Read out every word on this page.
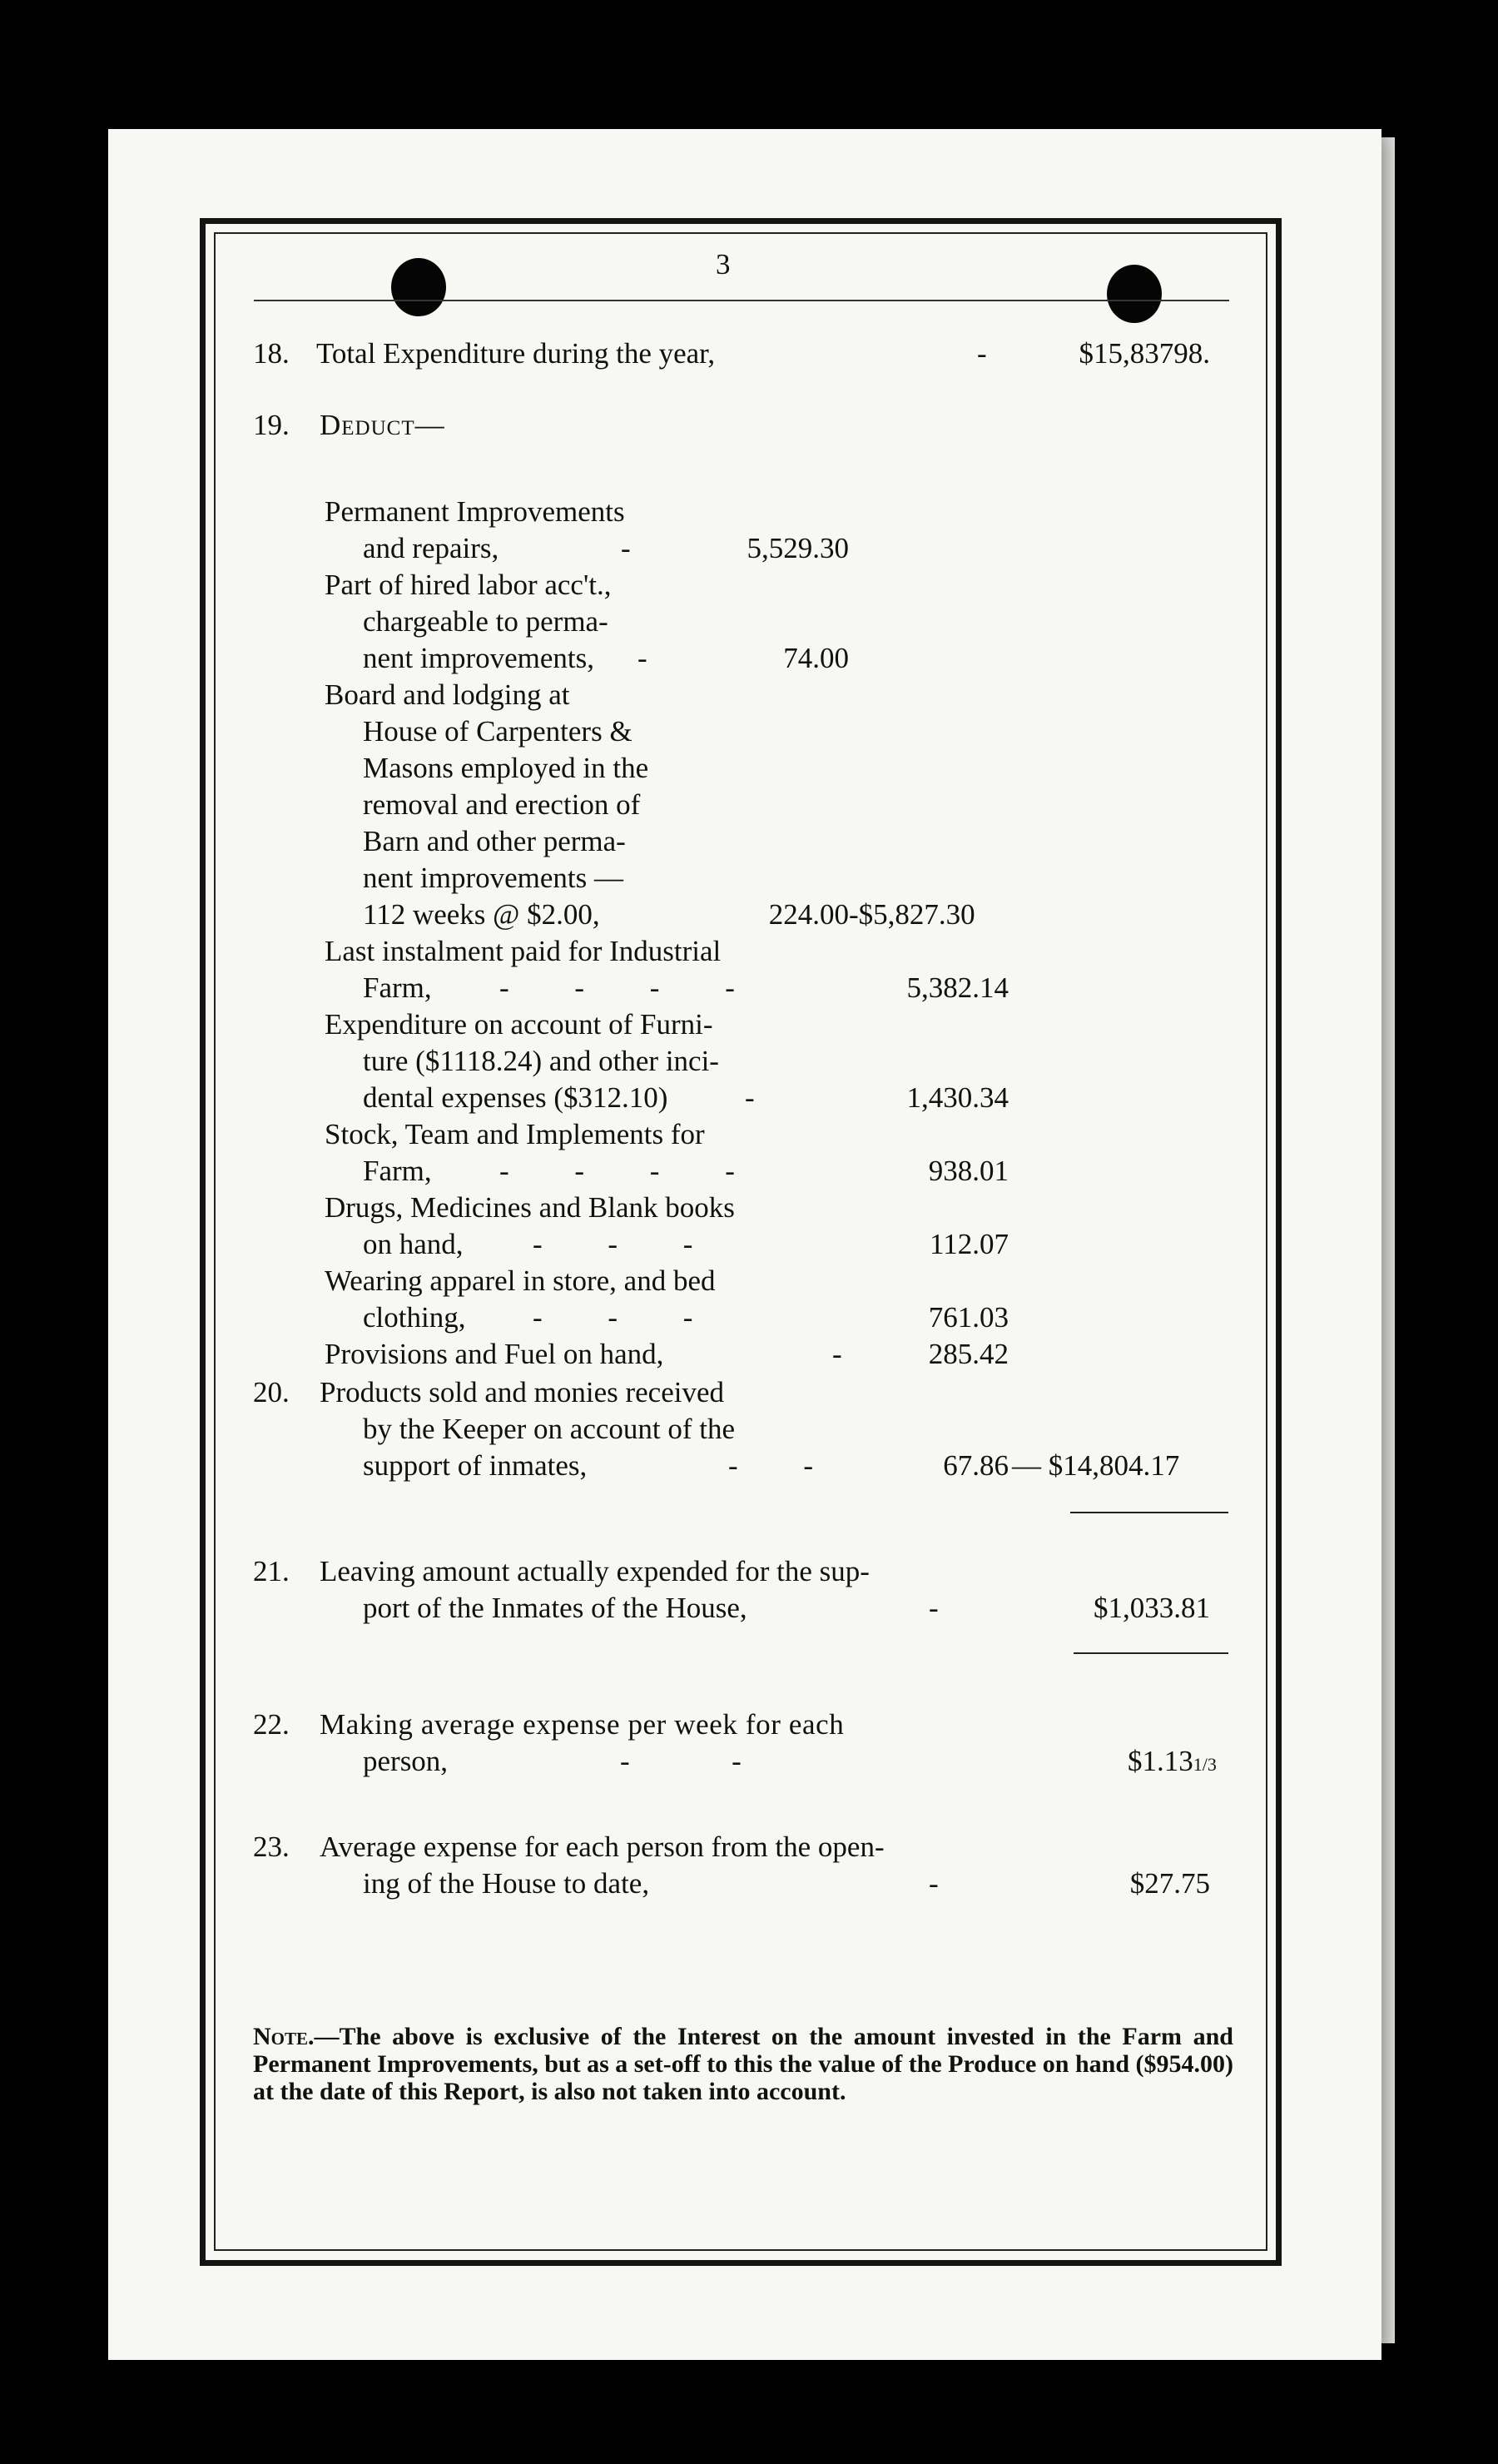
3
18. Total Expenditure during the year,	-	$15,83798.
19. Deduct—
Permanent Improvements
and repairs,	-	5,529.30
Part of hired labor acc't.,
chargeable to perma-
nent improvements, -	74.00
Board and lodging at
House of Carpenters &
Masons employed in the
removal and erection of
Barn and other perma-
nent improvements —
112 weeks @ $2.00,	224.00 -$5,827.30
Last instalment paid for Industrial
Farm, -         -         -         -	5,382.14
Expenditure on account of Furni-
ture ($1118.24) and other inci-
dental expenses ($312.10)	-	1,430.34
Stock, Team and Implements for
Farm, -         -         -         -	938.01
Drugs, Medicines and Blank books
on hand, -         -         -	112.07
Wearing apparel in store, and bed
clothing, -         -         -	761.03
Provisions and Fuel on hand,	-	285.42
20. Products sold and monies received
by the Keeper on account of the
support of inmates,	-         -	67.86 — $14,804.17
21. Leaving amount actually expended for the sup-
port of the Inmates of the House,	-	$1,033.81
22. Making average expense per week for each
person,	-              -	$1.131/3
23. Average expense for each person from the open-
ing of the House to date,	-	$27.75
Note.—The above is exclusive of the Interest on the amount invested in the Farm and Permanent Improvements, but as a set-off to this the value of the Produce on hand ($954.00) at the date of this Report, is also not taken into account.
